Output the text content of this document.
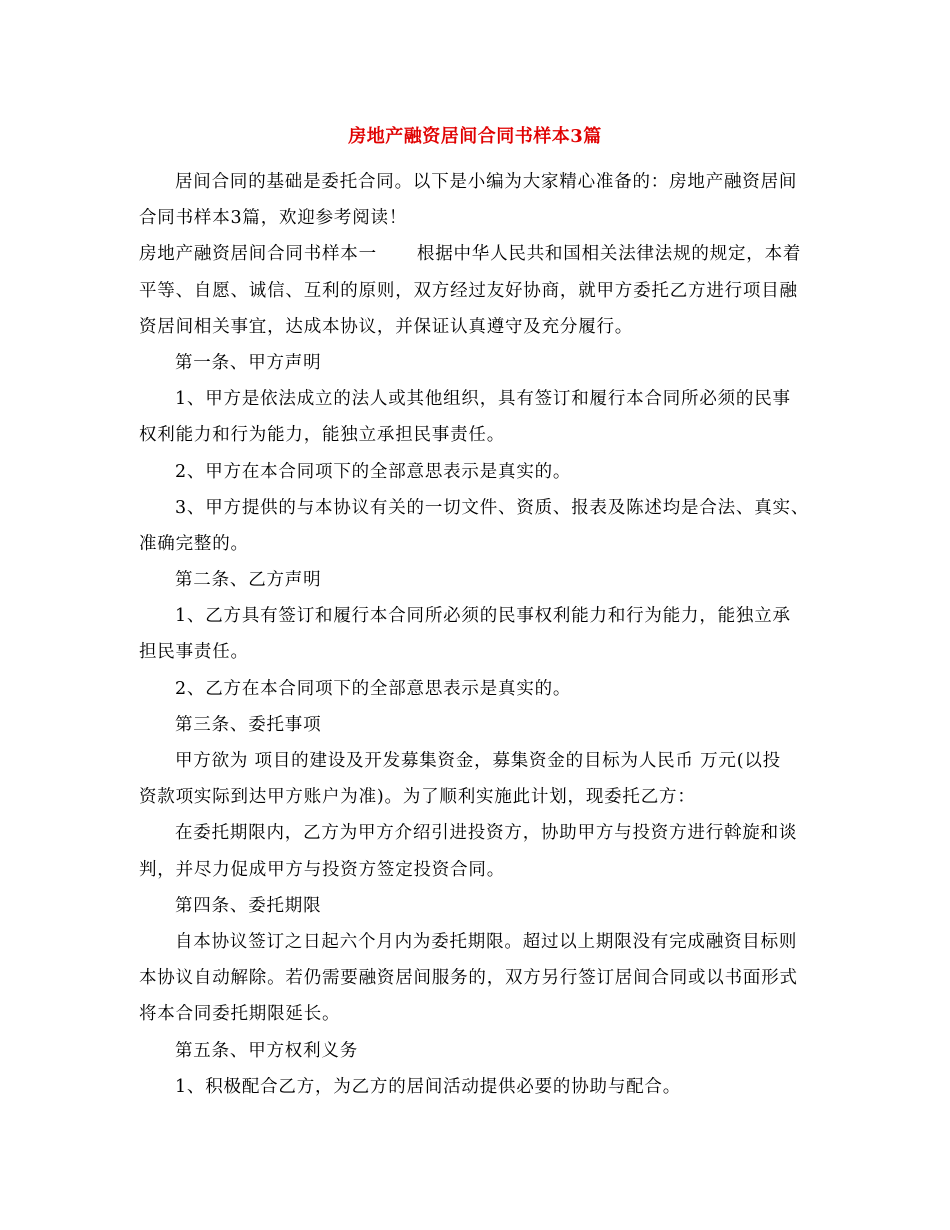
房地产融资居间合同书样本3篇
居间合同的基础是委托合同。以下是小编为大家精心准备的：房地产融资居间
合同书样本3篇，欢迎参考阅读！
房地产融资居间合同书样本一 根据中华人民共和国相关法律法规的规定，本着
平等、自愿、诚信、互利的原则，双方经过友好协商，就甲方委托乙方进行项目融
资居间相关事宜，达成本协议，并保证认真遵守及充分履行。
第一条、甲方声明
1、甲方是依法成立的法人或其他组织，具有签订和履行本合同所必须的民事
权利能力和行为能力，能独立承担民事责任。
2、甲方在本合同项下的全部意思表示是真实的。
3、甲方提供的与本协议有关的一切文件、资质、报表及陈述均是合法、真实、
准确完整的。
第二条、乙方声明
1、乙方具有签订和履行本合同所必须的民事权利能力和行为能力，能独立承
担民事责任。
2、乙方在本合同项下的全部意思表示是真实的。
第三条、委托事项
甲方欲为 项目的建设及开发募集资金，募集资金的目标为人民币 万元(以投
资款项实际到达甲方账户为准)。为了顺利实施此计划，现委托乙方：
在委托期限内，乙方为甲方介绍引进投资方，协助甲方与投资方进行斡旋和谈
判，并尽力促成甲方与投资方签定投资合同。
第四条、委托期限
自本协议签订之日起六个月内为委托期限。超过以上期限没有完成融资目标则
本协议自动解除。若仍需要融资居间服务的，双方另行签订居间合同或以书面形式
将本合同委托期限延长。
第五条、甲方权利义务
1、积极配合乙方，为乙方的居间活动提供必要的协助与配合。
